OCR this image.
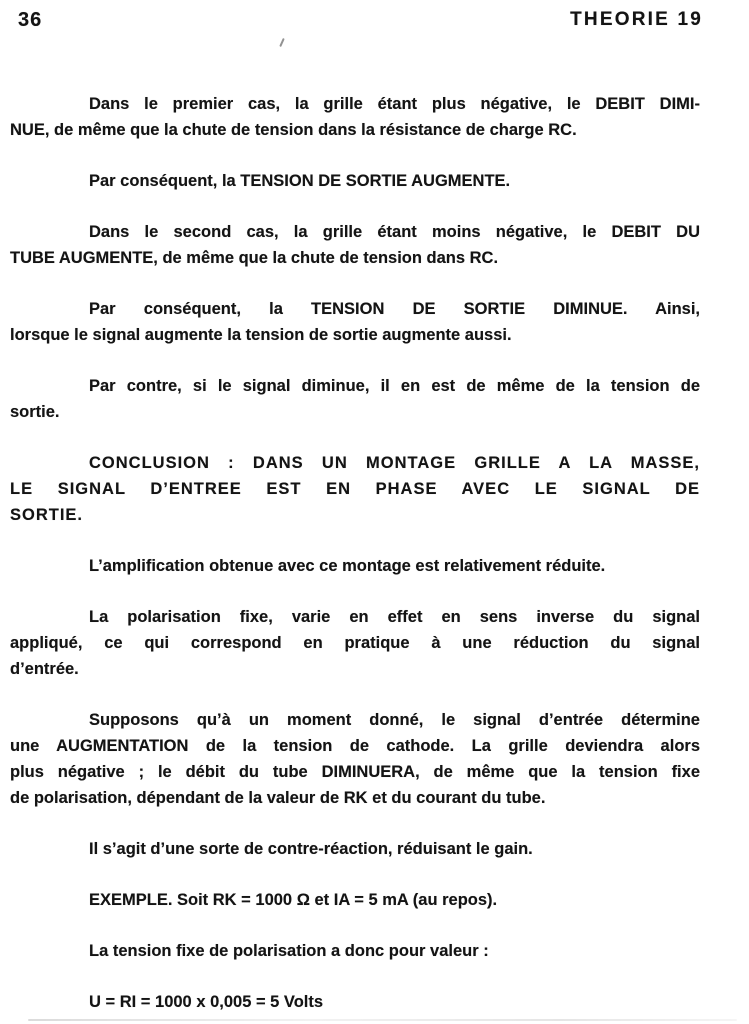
36	THEORIE 19
Dans le premier cas, la grille étant plus négative, le DEBIT DIMI-
NUE, de même que la chute de tension dans la résistance de charge RC.
Par conséquent, la TENSION DE SORTIE AUGMENTE.
Dans le second cas, la grille étant moins négative, le DEBIT DU
TUBE AUGMENTE, de même que la chute de tension dans RC.
Par conséquent, la TENSION DE SORTIE DIMINUE. Ainsi,
lorsque le signal augmente la tension de sortie augmente aussi.
Par contre, si le signal diminue, il en est de même de la tension de
sortie.
CONCLUSION : DANS UN MONTAGE GRILLE A LA MASSE,
LE SIGNAL D’ENTREE EST EN PHASE AVEC LE SIGNAL DE
SORTIE.
L’amplification obtenue avec ce montage est relativement réduite.
La polarisation fixe, varie en effet en sens inverse du signal
appliqué, ce qui correspond en pratique à une réduction du signal
d’entrée.
Supposons qu’à un moment donné, le signal d’entrée détermine
une AUGMENTATION de la tension de cathode. La grille deviendra alors
plus négative ; le débit du tube DIMINUERA, de même que la tension fixe
de polarisation, dépendant de la valeur de RK et du courant du tube.
Il s’agit d’une sorte de contre-réaction, réduisant le gain.
EXEMPLE. Soit RK = 1000 Ω et IA = 5 mA (au repos).
La tension fixe de polarisation a donc pour valeur :
U = RI = 1000 x 0,005 = 5 Volts
